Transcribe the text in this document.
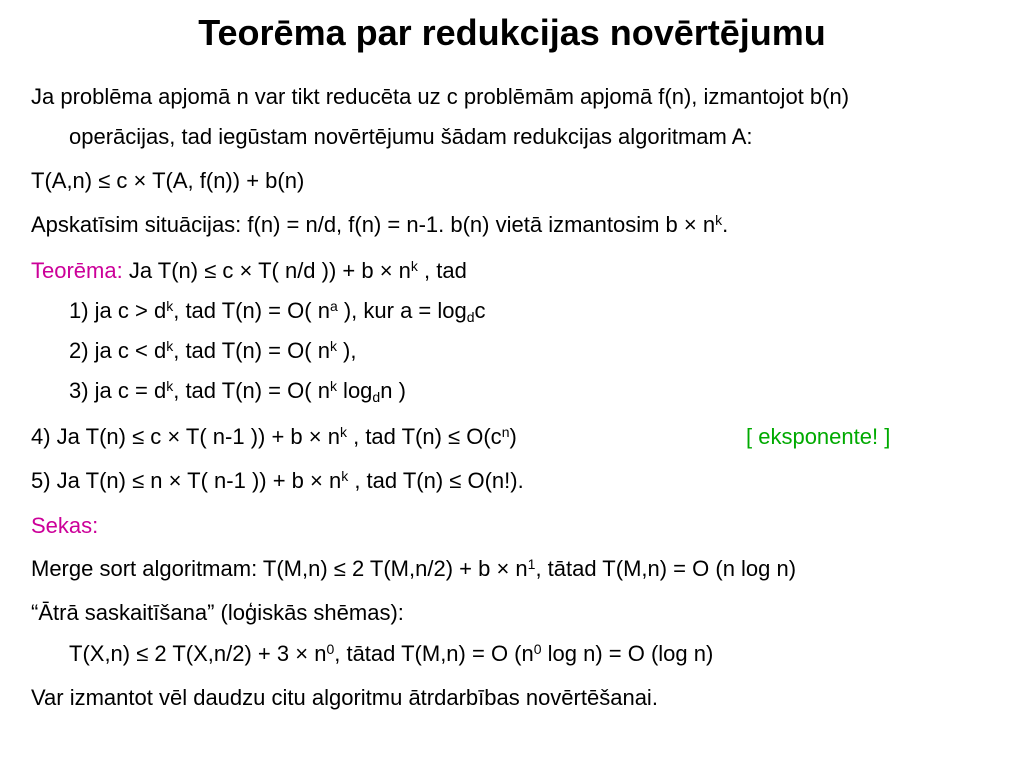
Teorēma par redukcijas novērtējumu
Ja problēma apjomā n var tikt reducēta uz c problēmām apjomā f(n), izmantojot b(n)
operācijas, tad iegūstam novērtējumu šādam redukcijas algoritmam A:
T(A,n) ≤ c × T(A, f(n)) + b(n)
Apskatīsim situācijas: f(n) = n/d, f(n) = n-1. b(n) vietā izmantosim $b \times n^k$.
Teorēma: Ja T(n) ≤ c × T( n/d )) + $b \times n^k$ , tad
1) ja $c > d^k$, tad T(n) = O( $n^a$ ), kur $a = \log_dc$
2) ja $c < d^k$, tad T(n) = O( $n^k$ ),
3) ja $c = d^k$, tad T(n) = O( $n^k$ $\log_dn$ )
4) Ja T(n) ≤ c × T( n-1 )) + $b \times n^k$ , tad $T(n) \le O(c^n)$	[ eksponente! ]
5) Ja T(n) ≤ n × T( n-1 )) + $b \times n^k$ , tad T(n) ≤ O(n!).
Sekas:
Merge sort algoritmam: T(M,n) ≤ 2 $T(M,n/2) + b \times n^1$, tātad T(M,n) = O (n log n)
“Ātrā saskaitīšana” (loģiskās shēmas):
T(X,n) ≤ 2 $T(X,n/2) + 3 \times n^0$, tātad T(M,n) = O ($n^0$ log n) = O (log n)
Var izmantot vēl daudzu citu algoritmu ātrdarbības novērtēšanai.
